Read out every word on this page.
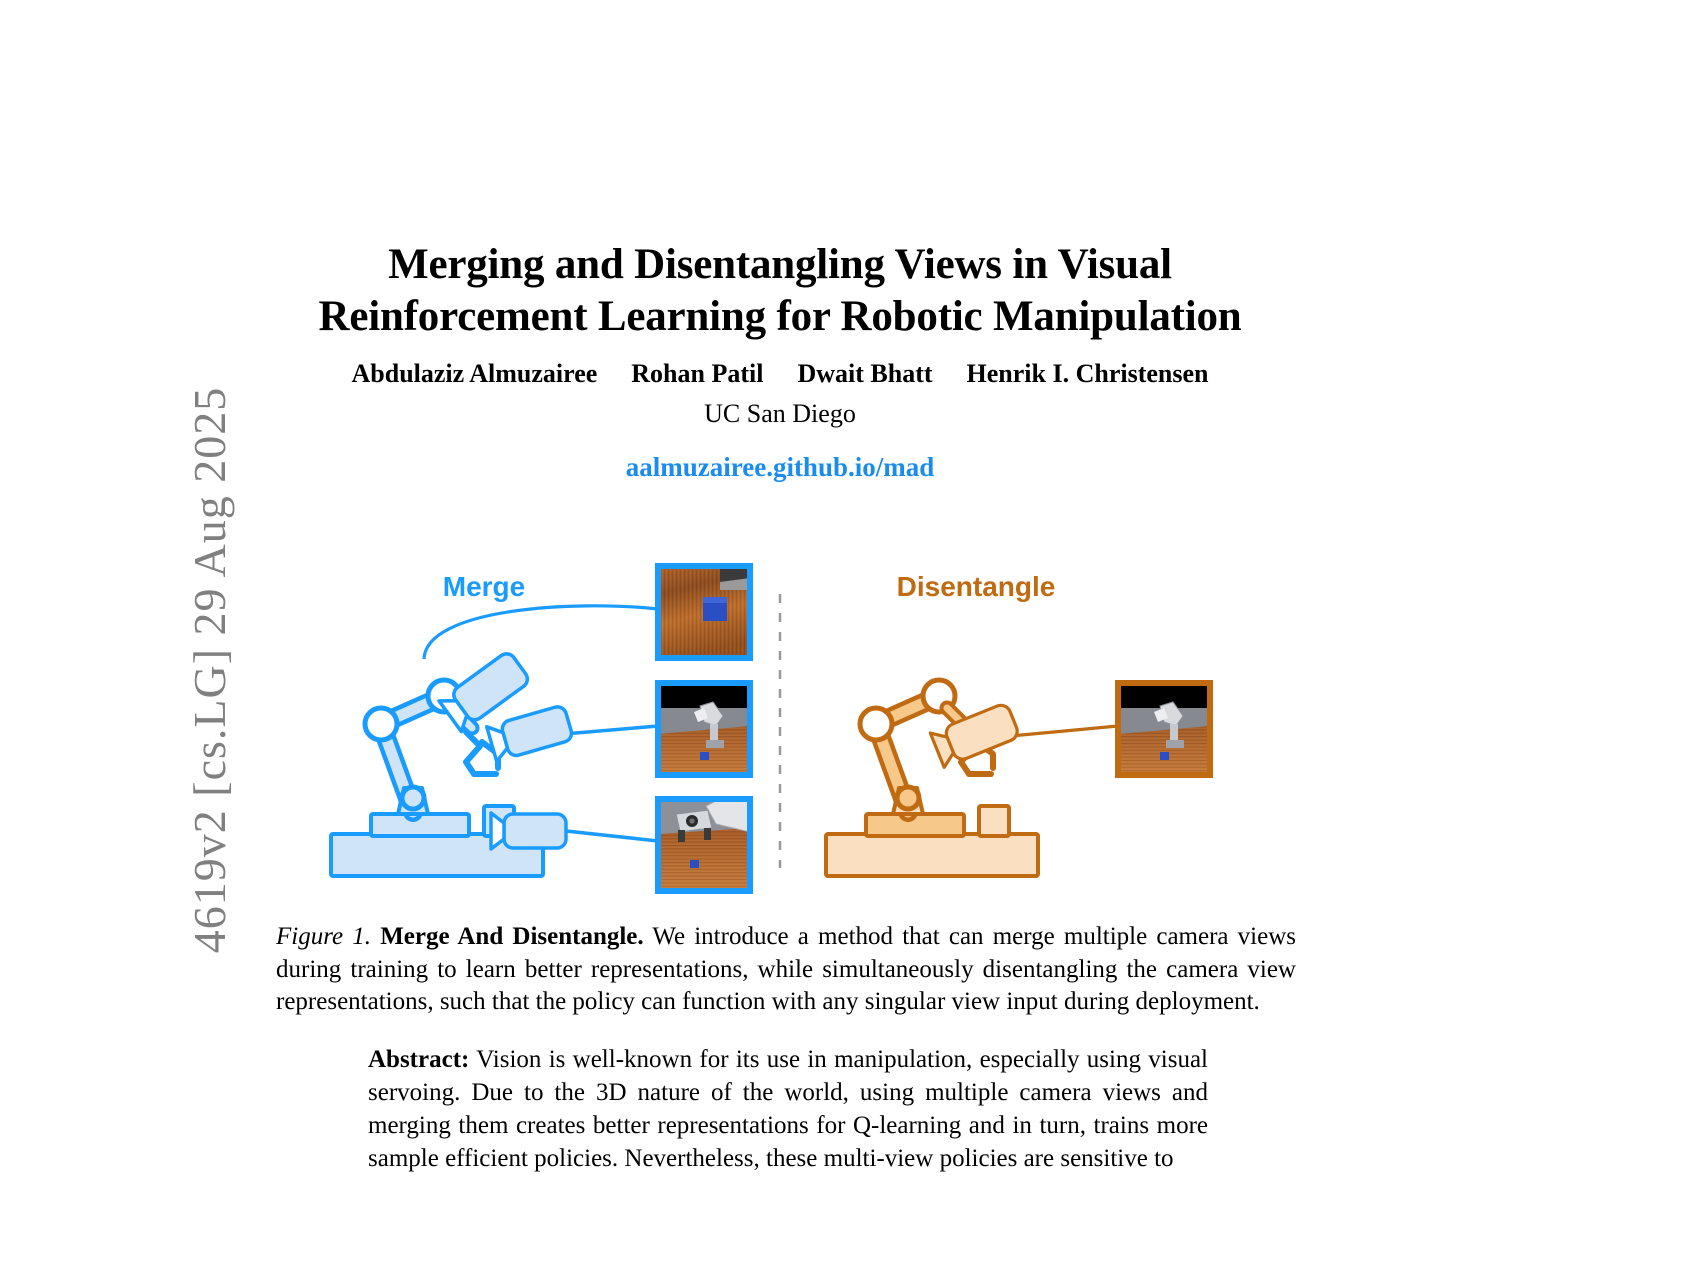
4619v2 [cs.LG] 29 Aug 2025
Merging and Disentangling Views in Visual Reinforcement Learning for Robotic Manipulation
Abdulaziz Almuzairee Rohan Patil Dwait Bhatt Henrik I. Christensen
UC San Diego
aalmuzairee.github.io/mad
Merge	Disentangle
Figure 1. Merge And Disentangle. We introduce a method that can merge multiple camera views during training to learn better representations, while simultaneously disentangling the camera view representations, such that the policy can function with any singular view input during deployment.
Abstract: Vision is well-known for its use in manipulation, especially using visual servoing. Due to the 3D nature of the world, using multiple camera views and merging them creates better representations for Q-learning and in turn, trains more sample efficient policies. Nevertheless, these multi-view policies are sensitive to
